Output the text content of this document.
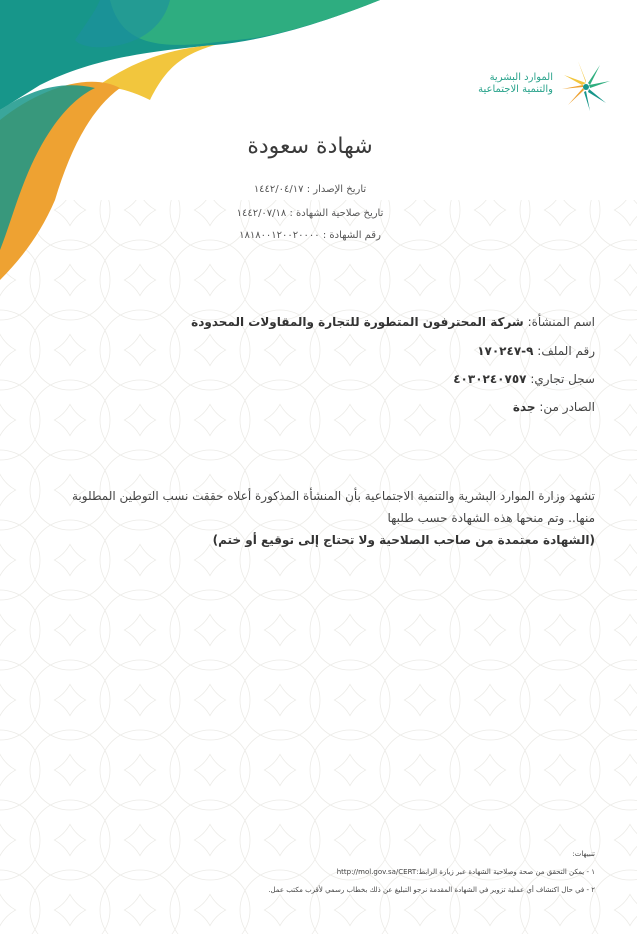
الموارد البشرية
والتنمية الاجتماعية
شهادة سعودة
تاريخ الإصدار : ١٤٤٢/٠٤/١٧
تاريخ صلاحية الشهادة : ١٤٤٢/٠٧/١٨
رقم الشهادة : ١٨١٨٠٠١٢٠٠٢٠٠٠٠
اسم المنشأة: شركة المحترفون المتطورة للتجارة والمقاولات المحدودة
رقم الملف: ٩-١٧٠٢٤٧
سجل تجاري: ٤٠٣٠٢٤٠٧٥٧
الصادر من: جدة
تشهد وزارة الموارد البشرية والتنمية الاجتماعية بأن المنشأة المذكورة أعلاه حققت نسب التوطين المطلوبة
منها.. وتم منحها هذه الشهادة حسب طلبها
(الشهادة معتمدة من صاحب الصلاحية ولا تحتاج إلى توقيع أو ختم)
تنبيهات:
١ - يمكن التحقق من صحة وصلاحية الشهادة عبر زيارة الرابط:http://mol.gov.sa/CERT
٢ - في حال اكتشاف أي عملية تزوير في الشهادة المقدمة نرجو التبليغ عن ذلك بخطاب رسمي لأقرب مكتب عمل.
